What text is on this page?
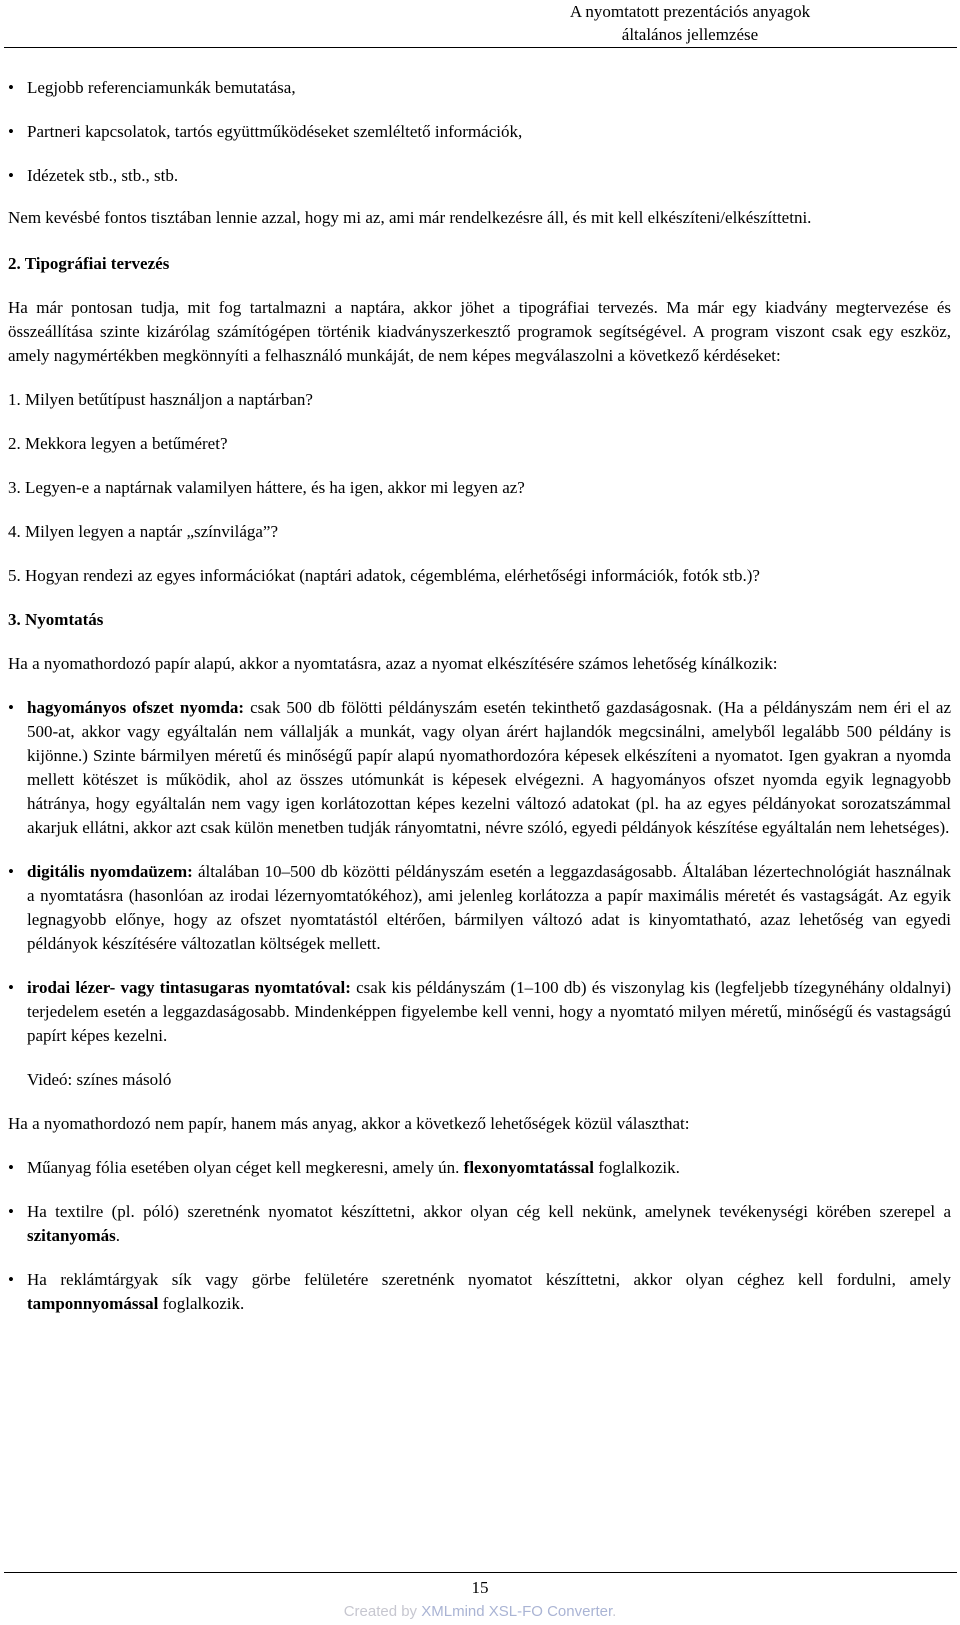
A nyomtatott prezentációs anyagok
általános jellemzése
• Legjobb referenciamunkák bemutatása,
• Partneri kapcsolatok, tartós együttműködéseket szemléltető információk,
• Idézetek stb., stb., stb.

Nem kevésbé fontos tisztában lennie azzal, hogy mi az, ami már rendelkezésre áll, és mit kell elkészíteni/elkészíttetni.

2. Tipográfiai tervezés

Ha már pontosan tudja, mit fog tartalmazni a naptára, akkor jöhet a tipográfiai tervezés. Ma már egy kiadvány megtervezése és összeállítása szinte kizárólag számítógépen történik kiadványszerkesztő programok segítségével. A program viszont csak egy eszköz, amely nagymértékben megkönnyíti a felhasználó munkáját, de nem képes megválaszolni a következő kérdéseket:

1. Milyen betűtípust használjon a naptárban?

2. Mekkora legyen a betűméret?

3. Legyen-e a naptárnak valamilyen háttere, és ha igen, akkor mi legyen az?

4. Milyen legyen a naptár „színvilága”?

5. Hogyan rendezi az egyes információkat (naptári adatok, cégembléma, elérhetőségi információk, fotók stb.)?

3. Nyomtatás

Ha a nyomathordozó papír alapú, akkor a nyomtatásra, azaz a nyomat elkészítésére számos lehetőség kínálkozik:

• hagyományos ofszet nyomda: csak 500 db fölötti példányszám esetén tekinthető gazdaságosnak. (Ha a példányszám nem éri el az 500-at, akkor vagy egyáltalán nem vállalják a munkát, vagy olyan árért hajlandók megcsinálni, amelyből legalább 500 példány is kijönne.) Szinte bármilyen méretű és minőségű papír alapú nyomathordozóra képesek elkészíteni a nyomatot. Igen gyakran a nyomda mellett kötészet is működik, ahol az összes utómunkát is képesek elvégezni. A hagyományos ofszet nyomda egyik legnagyobb hátránya, hogy egyáltalán nem vagy igen korlátozottan képes kezelni változó adatokat (pl. ha az egyes példányokat sorozatszámmal akarjuk ellátni, akkor azt csak külön menetben tudják rányomtatni, névre szóló, egyedi példányok készítése egyáltalán nem lehetséges).
• digitális nyomdaüzem: általában 10–500 db közötti példányszám esetén a leggazdaságosabb. Általában lézertechnológiát használnak a nyomtatásra (hasonlóan az irodai lézernyomtatókéhoz), ami jelenleg korlátozza a papír maximális méretét és vastagságát. Az egyik legnagyobb előnye, hogy az ofszet nyomtatástól eltérően, bármilyen változó adat is kinyomtatható, azaz lehetőség van egyedi példányok készítésére változatlan költségek mellett.
• irodai lézer- vagy tintasugaras nyomtatóval: csak kis példányszám (1–100 db) és viszonylag kis (legfeljebb tízegynéhány oldalnyi) terjedelem esetén a leggazdaságosabb. Mindenképpen figyelembe kell venni, hogy a nyomtató milyen méretű, minőségű és vastagságú papírt képes kezelni.

Videó: színes másoló

Ha a nyomathordozó nem papír, hanem más anyag, akkor a következő lehetőségek közül választhat:

• Műanyag fólia esetében olyan céget kell megkeresni, amely ún. flexonyomtatással foglalkozik.
• Ha textilre (pl. póló) szeretnénk nyomatot készíttetni, akkor olyan cég kell nekünk, amelynek tevékenységi körében szerepel a szitanyomás.
• Ha reklámtárgyak sík vagy görbe felületére szeretnénk nyomatot készíttetni, akkor olyan céghez kell fordulni, amely tamponnyomással foglalkozik.
15
Created by XMLmind XSL-FO Converter.
